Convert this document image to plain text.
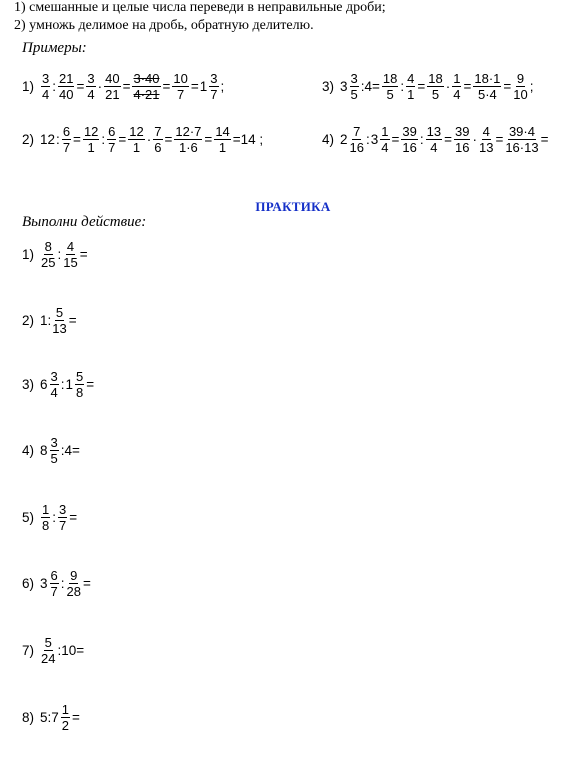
1) смешанные и целые числа переведи в неправильные дроби;
2) умножь делимое на дробь, обратную делителю.
Примеры:
$1) \frac{3}{4}$ : $\frac{21}{40} = \frac{3}{4} \cdot \frac{40}{21} = \frac{3\cdot 40}{4\cdot 21} = \frac{10}{7} = 1 \frac{3}{7}$ ;	3) $3 \frac{3}{5}$ :4= $\frac{18}{5}$ : $\frac{4}{1} = \frac{18}{5} \cdot \frac{1}{4} = \frac{18\cdot 1}{5\cdot 4} = \frac{9}{10}$ ;
2) 12 : $\frac{6}{7} = \frac{12}{1}$ : $\frac{6}{7} = \frac{12}{1} \cdot \frac{7}{6} = \frac{12\cdot 7}{1\cdot 6} = \frac{14}{1} =14$ ;	4) $2 \frac{7}{16}$ : $3 \frac{1}{4} = \frac{39}{16}$ : $\frac{13}{4} = \frac{39}{16} \cdot \frac{4}{13} = \frac{39\cdot 4}{16\cdot 13}$ =
ПРАКТИКА
Выполни действие:
$1) \frac{8}{25}$ : $\frac{4}{15}$ =
2) 1: $\frac{5}{13}$ =
3) $6 \frac{3}{4}$ : $1 \frac{5}{8}$ =
4) $8 \frac{3}{5}$ :4=
$5) \frac{1}{8}$ : $\frac{3}{7}$ =
6) $3 \frac{6}{7}$ : $\frac{9}{28}$ =
$7) \frac{5}{24}$ :10=
8) 5: $7 \frac{1}{2}$ =
